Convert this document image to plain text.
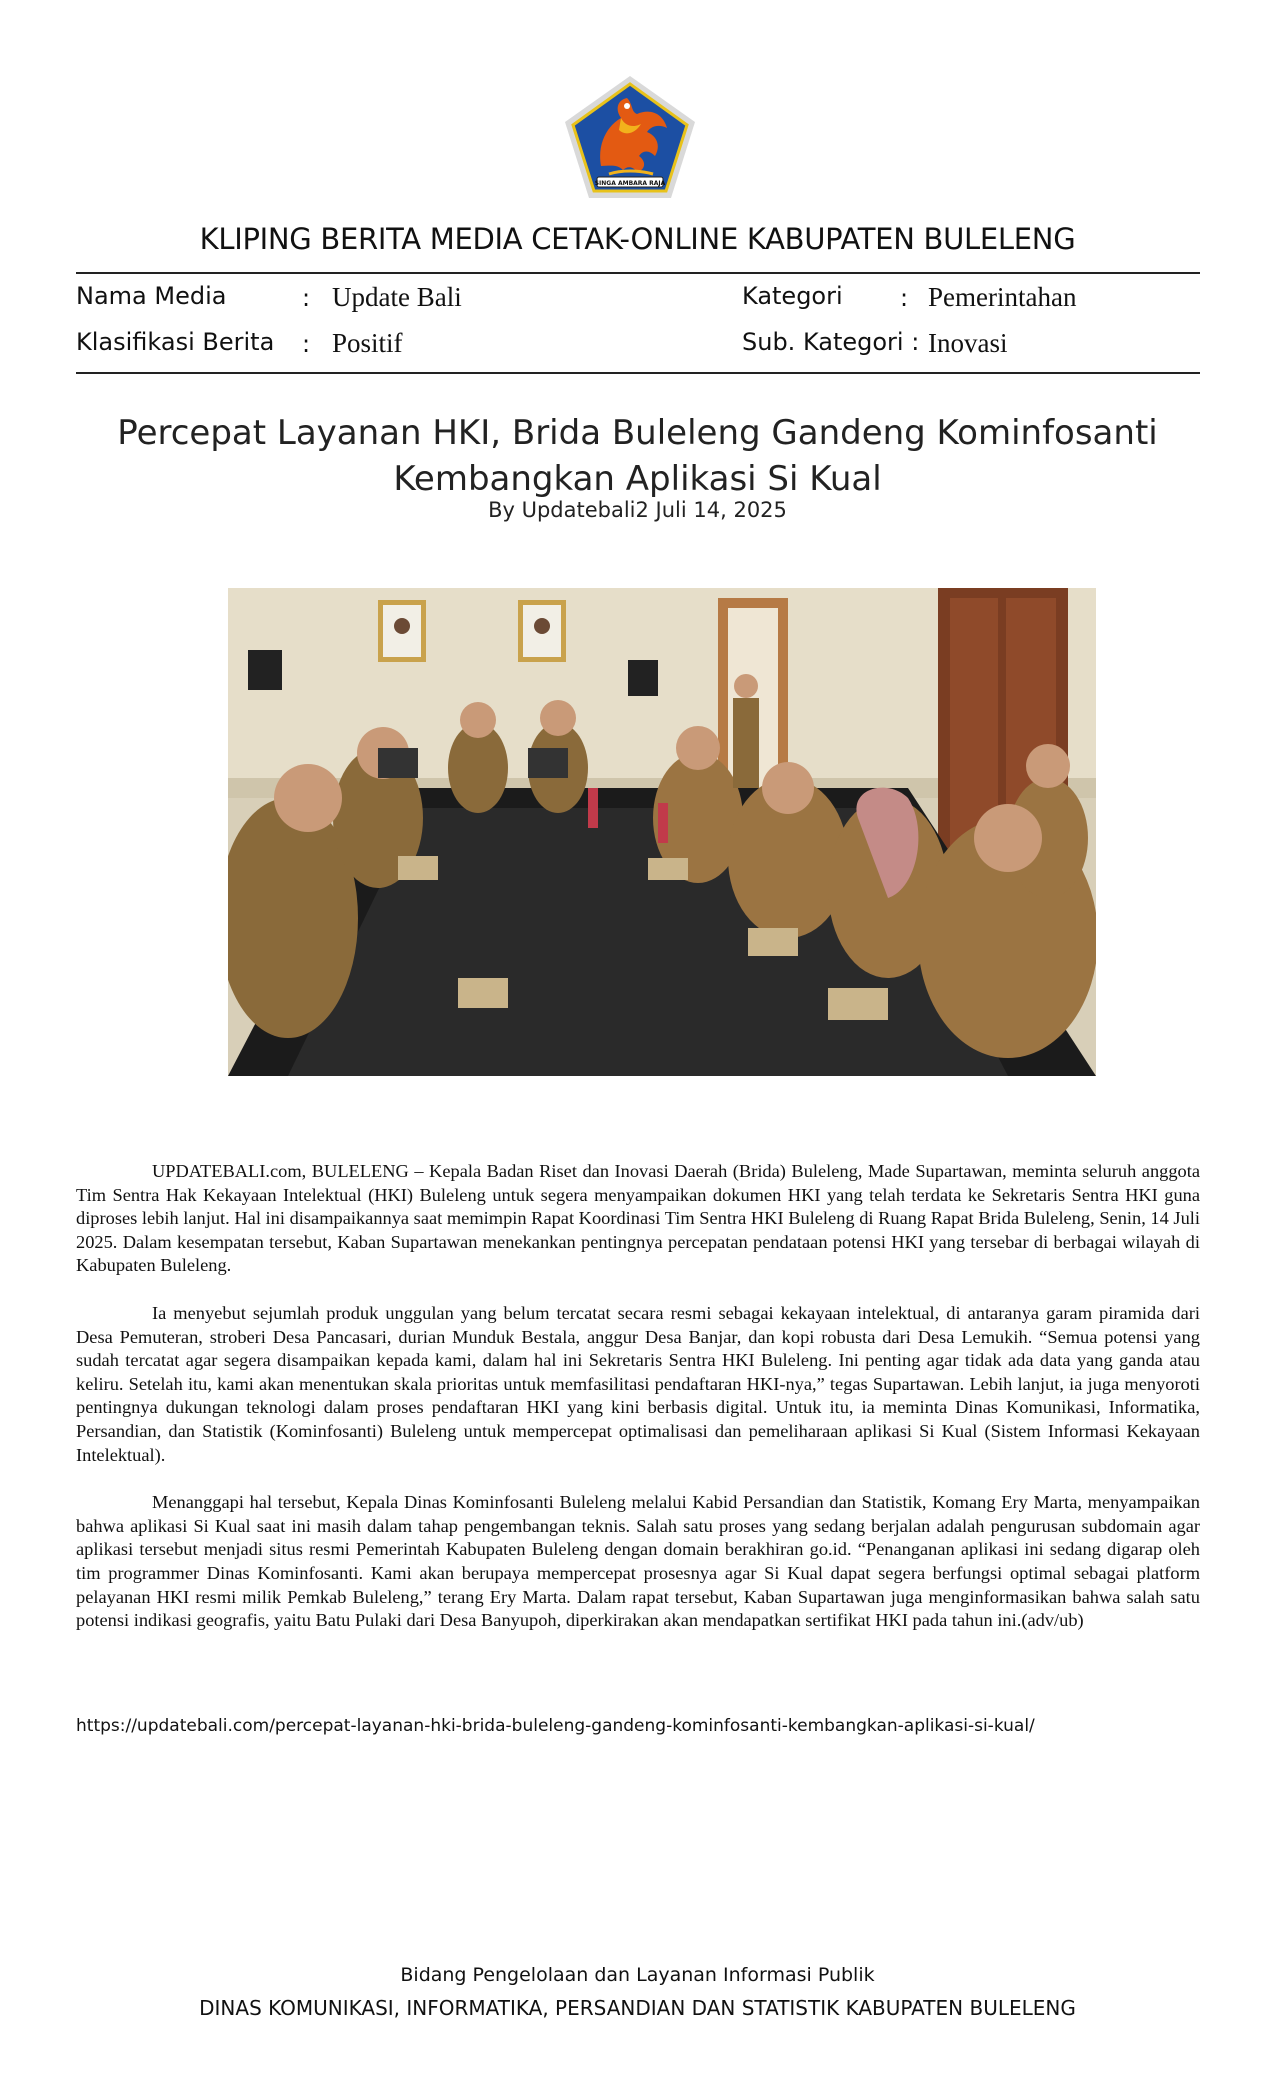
SINGA AMBARA RAJA
KLIPING BERITA MEDIA CETAK-ONLINE KABUPATEN BULELENG
Nama Media	: Update Bali	Kategori : Pemerintahan
Klasifikasi Berita : Positif	Sub. Kategori : Inovasi
Percepat Layanan HKI, Brida Buleleng Gandeng Kominfosanti
Kembangkan Aplikasi Si Kual
By Updatebali2 Juli 14, 2025

UPDATEBALI.com, BULELENG – Kepala Badan Riset dan Inovasi Daerah (Brida) Buleleng, Made Supartawan, meminta seluruh anggota Tim Sentra Hak Kekayaan Intelektual (HKI) Buleleng untuk segera menyampaikan dokumen HKI yang telah terdata ke Sekretaris Sentra HKI guna diproses lebih lanjut. Hal ini disampaikannya saat memimpin Rapat Koordinasi Tim Sentra HKI Buleleng di Ruang Rapat Brida Buleleng, Senin, 14 Juli 2025. Dalam kesempatan tersebut, Kaban Supartawan menekankan pentingnya percepatan pendataan potensi HKI yang tersebar di berbagai wilayah di Kabupaten Buleleng.

Ia menyebut sejumlah produk unggulan yang belum tercatat secara resmi sebagai kekayaan intelektual, di antaranya garam piramida dari Desa Pemuteran, stroberi Desa Pancasari, durian Munduk Bestala, anggur Desa Banjar, dan kopi robusta dari Desa Lemukih. “Semua potensi yang sudah tercatat agar segera disampaikan kepada kami, dalam hal ini Sekretaris Sentra HKI Buleleng. Ini penting agar tidak ada data yang ganda atau keliru. Setelah itu, kami akan menentukan skala prioritas untuk memfasilitasi pendaftaran HKI-nya,” tegas Supartawan. Lebih lanjut, ia juga menyoroti pentingnya dukungan teknologi dalam proses pendaftaran HKI yang kini berbasis digital. Untuk itu, ia meminta Dinas Komunikasi, Informatika, Persandian, dan Statistik (Kominfosanti) Buleleng untuk mempercepat optimalisasi dan pemeliharaan aplikasi Si Kual (Sistem Informasi Kekayaan Intelektual).

Menanggapi hal tersebut, Kepala Dinas Kominfosanti Buleleng melalui Kabid Persandian dan Statistik, Komang Ery Marta, menyampaikan bahwa aplikasi Si Kual saat ini masih dalam tahap pengembangan teknis. Salah satu proses yang sedang berjalan adalah pengurusan subdomain agar aplikasi tersebut menjadi situs resmi Pemerintah Kabupaten Buleleng dengan domain berakhiran go.id. “Penanganan aplikasi ini sedang digarap oleh tim programmer Dinas Kominfosanti. Kami akan berupaya mempercepat prosesnya agar Si Kual dapat segera berfungsi optimal sebagai platform pelayanan HKI resmi milik Pemkab Buleleng,” terang Ery Marta. Dalam rapat tersebut, Kaban Supartawan juga menginformasikan bahwa salah satu potensi indikasi geografis, yaitu Batu Pulaki dari Desa Banyupoh, diperkirakan akan mendapatkan sertifikat HKI pada tahun ini.(adv/ub)

https://updatebali.com/percepat-layanan-hki-brida-buleleng-gandeng-kominfosanti-kembangkan-aplikasi-si-kual/
Bidang Pengelolaan dan Layanan Informasi Publik
DINAS KOMUNIKASI, INFORMATIKA, PERSANDIAN DAN STATISTIK KABUPATEN BULELENG
